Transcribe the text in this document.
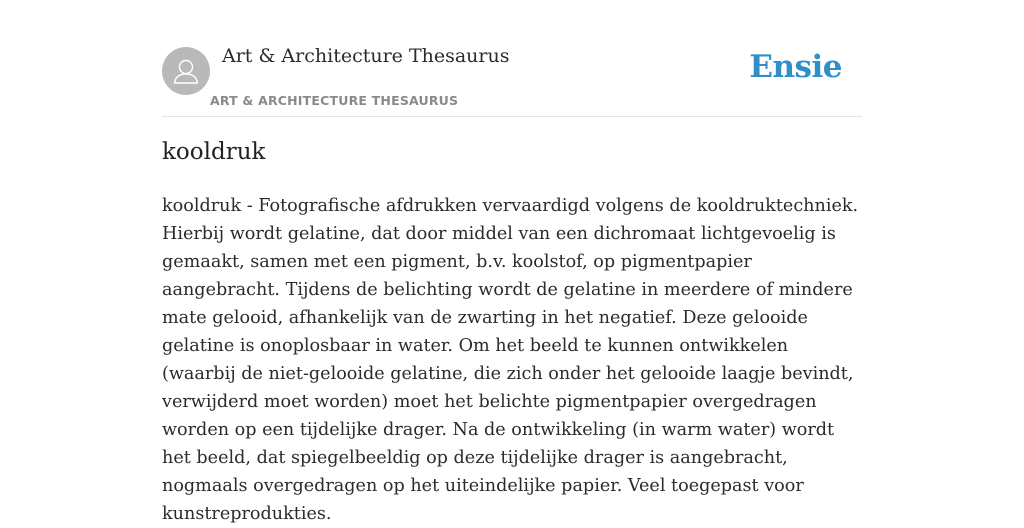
Art & Architecture Thesaurus
ART & ARCHITECTURE THESAURUS
Ensie
kooldruk

kooldruk - Fotografische afdrukken vervaardigd volgens de kooldruktechniek. Hierbij wordt gelatine, dat door middel van een dichromaat lichtgevoelig is gemaakt, samen met een pigment, b.v. koolstof, op pigmentpapier aangebracht. Tijdens de belichting wordt de gelatine in meerdere of mindere mate gelooid, afhankelijk van de zwarting in het negatief. Deze gelooide gelatine is onoplosbaar in water. Om het beeld te kunnen ontwikkelen (waarbij de niet-gelooide gelatine, die zich onder het gelooide laagje bevindt, verwijderd moet worden) moet het belichte pigmentpapier overgedragen worden op een tijdelijke drager. Na de ontwikkeling (in warm water) wordt het beeld, dat spiegelbeeldig op deze tijdelijke drager is aangebracht, nogmaals overgedragen op het uiteindelijke papier. Veel toegepast voor kunstreprodukties.
